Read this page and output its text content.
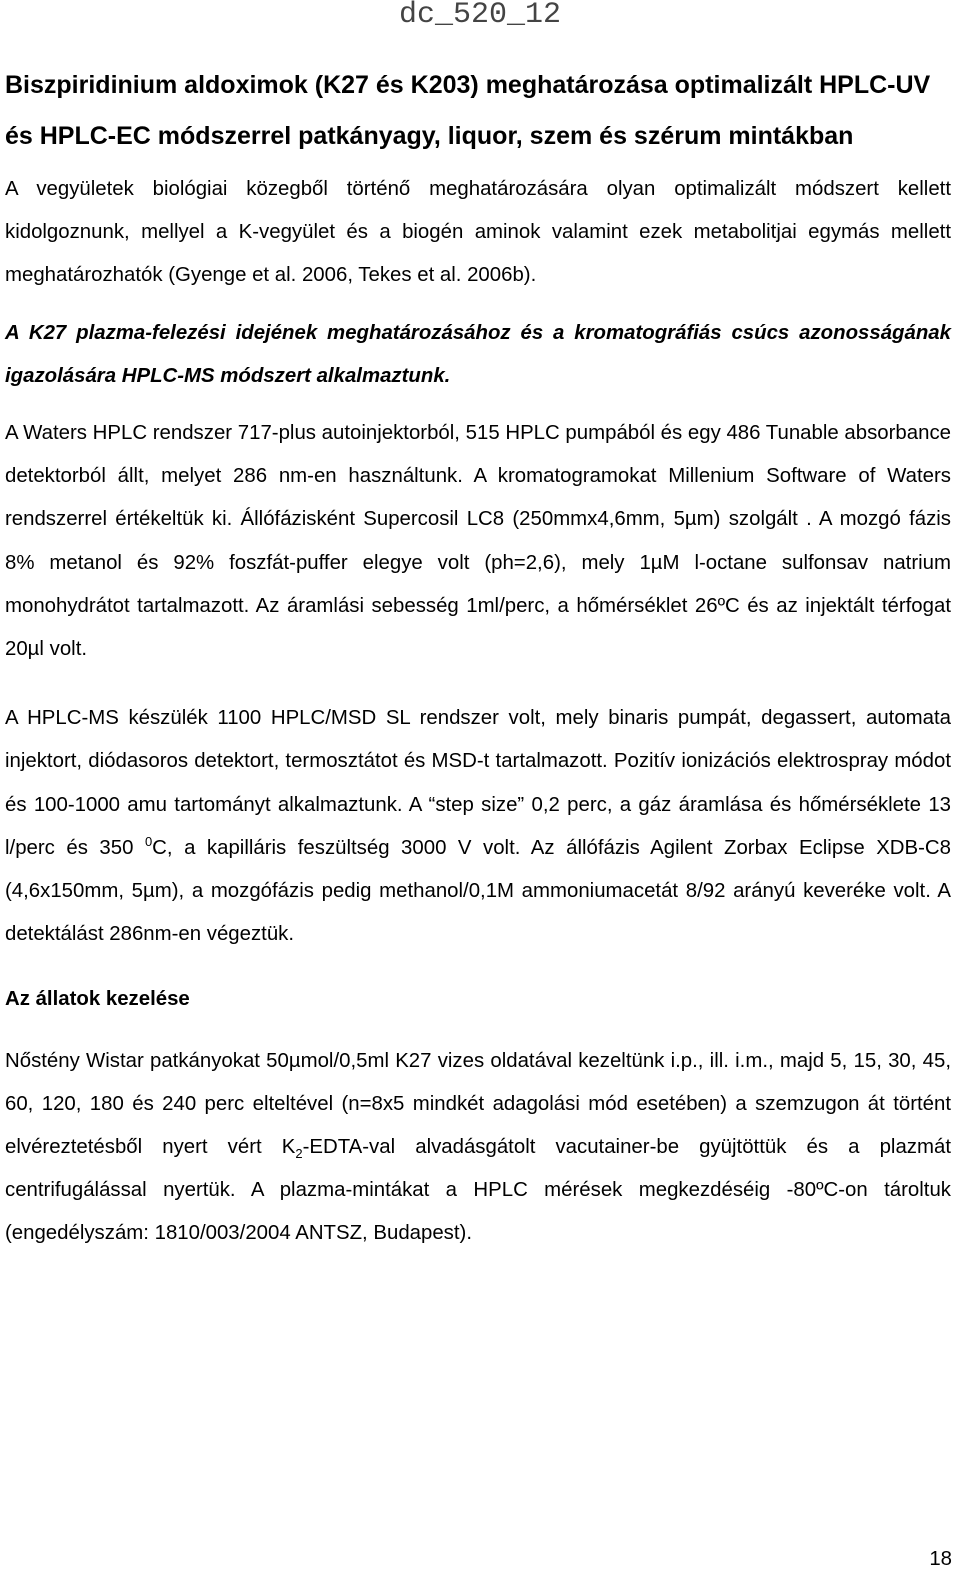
dc_520_12
Biszpiridinium aldoximok (K27 és K203) meghatározása optimalizált HPLC-UV és HPLC-EC módszerrel patkányagy, liquor, szem és szérum mintákban

A vegyületek biológiai közegből történő meghatározására olyan optimalizált módszert kellett kidolgoznunk, mellyel a K-vegyület és a biogén aminok valamint ezek metabolitjai egymás mellett meghatározhatók (Gyenge et al. 2006, Tekes et al. 2006b).

A K27 plazma-felezési idejének meghatározásához és a kromatográfiás csúcs azonosságának igazolására HPLC-MS módszert alkalmaztunk.

A Waters HPLC rendszer 717-plus autoinjektorból, 515 HPLC pumpából és egy 486 Tunable absorbance detektorból állt, melyet 286 nm-en használtunk. A kromatogramokat Millenium Software of Waters rendszerrel értékeltük ki. Állófázisként Supercosil LC8 (250mmx4,6mm, 5µm) szolgált . A mozgó fázis 8% metanol és 92% foszfát-puffer elegye volt (ph=2,6), mely 1µM l-octane sulfonsav natrium monohydrátot tartalmazott. Az áramlási sebesség 1ml/perc, a hőmérséklet 26ºC és az injektált térfogat 20µl volt.

A HPLC-MS készülék 1100 HPLC/MSD SL rendszer volt, mely binaris pumpát, degassert, automata injektort, diódasoros detektort, termosztátot és MSD-t tartalmazott. Pozitív ionizációs elektrospray módot és 100-1000 amu tartományt alkalmaztunk. A “step size” 0,2 perc, a gáz áramlása és hőmérséklete 13 l/perc és 350 $^0$C, a kapilláris feszültség 3000 V volt. Az állófázis Agilent Zorbax Eclipse XDB-C8 (4,6x150mm, 5µm), a mozgófázis pedig methanol/0,1M ammoniumacetát 8/92 arányú keveréke volt. A detektálást 286nm-en végeztük.

Az állatok kezelése

Nőstény Wistar patkányokat 50µmol/0,5ml K27 vizes oldatával kezeltünk i.p., ill. i.m., majd 5, 15, 30, 45, 60, 120, 180 és 240 perc elteltével (n=8x5 mindkét adagolási mód esetében) a szemzugon át történt elvéreztetésből nyert vért $K_2-EDTA$-val alvadásgátolt vacutainer-be gyüjtöttük és a plazmát centrifugálással nyertük. A plazma-mintákat a HPLC mérések megkezdéséig -80ºC-on tároltuk (engedélyszám: 1810/003/2004 ANTSZ, Budapest).

18
